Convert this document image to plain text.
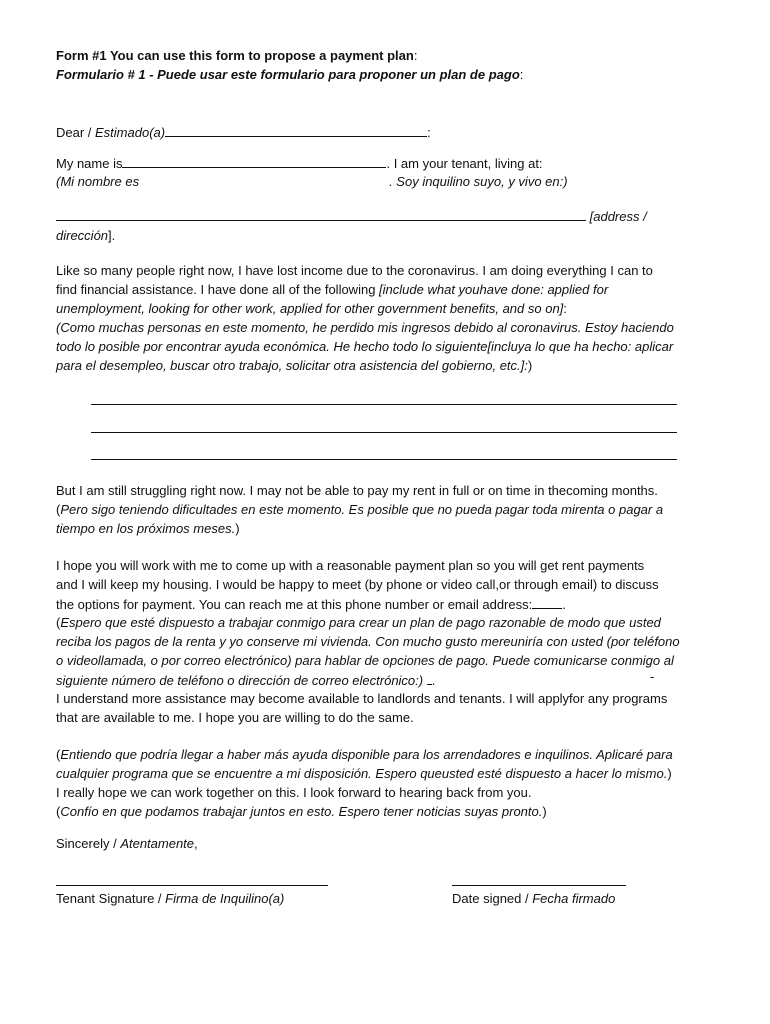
Form #1 You can use this form to propose a payment plan:
Formulario # 1 - Puede usar este formulario para proponer un plan de pago:
Dear / Estimado(a)	:
My name is	. I am your tenant, living at:
(Mi nombre es	. Soy inquilino suyo, y vivo en:)
[address /
dirección].
Like so many people right now, I have lost income due to the coronavirus. I am doing everything I can to
find financial assistance. I have done all of the following [include what youhave done: applied for
unemployment, looking for other work, applied for other government benefits, and so on]:
(Como muchas personas en este momento, he perdido mis ingresos debido al coronavirus. Estoy haciendo
todo lo posible por encontrar ayuda económica. He hecho todo lo siguiente[incluya lo que ha hecho: aplicar
para el desempleo, buscar otro trabajo, solicitar otra asistencia del gobierno, etc.]:)
But I am still struggling right now. I may not be able to pay my rent in full or on time in thecoming months.
(Pero sigo teniendo dificultades en este momento. Es posible que no pueda pagar toda mirenta o pagar a
tiempo en los próximos meses.)
I hope you will work with me to come up with a reasonable payment plan so you will get rent payments
and I will keep my housing. I would be happy to meet (by phone or video call,or through email) to discuss
the options for payment. You can reach me at this phone number or email address: .
(Espero que esté dispuesto a trabajar conmigo para crear un plan de pago razonable de modo que usted
reciba los pagos de la renta y yo conserve mi vivienda. Con mucho gusto mereuniría con usted (por teléfono
o videollamada, o por correo electrónico) para hablar de opciones de pago. Puede comunicarse conmigo al
siguiente número de teléfono o dirección de correo electrónico:) .	-
I understand more assistance may become available to landlords and tenants. I will applyfor any programs
that are available to me. I hope you are willing to do the same.
(Entiendo que podría llegar a haber más ayuda disponible para los arrendadores e inquilinos. Aplicaré para
cualquier programa que se encuentre a mi disposición. Espero queusted esté dispuesto a hacer lo mismo.)
I really hope we can work together on this. I look forward to hearing back from you.
(Confío en que podamos trabajar juntos en esto. Espero tener noticias suyas pronto.)
Sincerely / Atentamente,
Tenant Signature / Firma de Inquilino(a)	Date signed / Fecha firmado
